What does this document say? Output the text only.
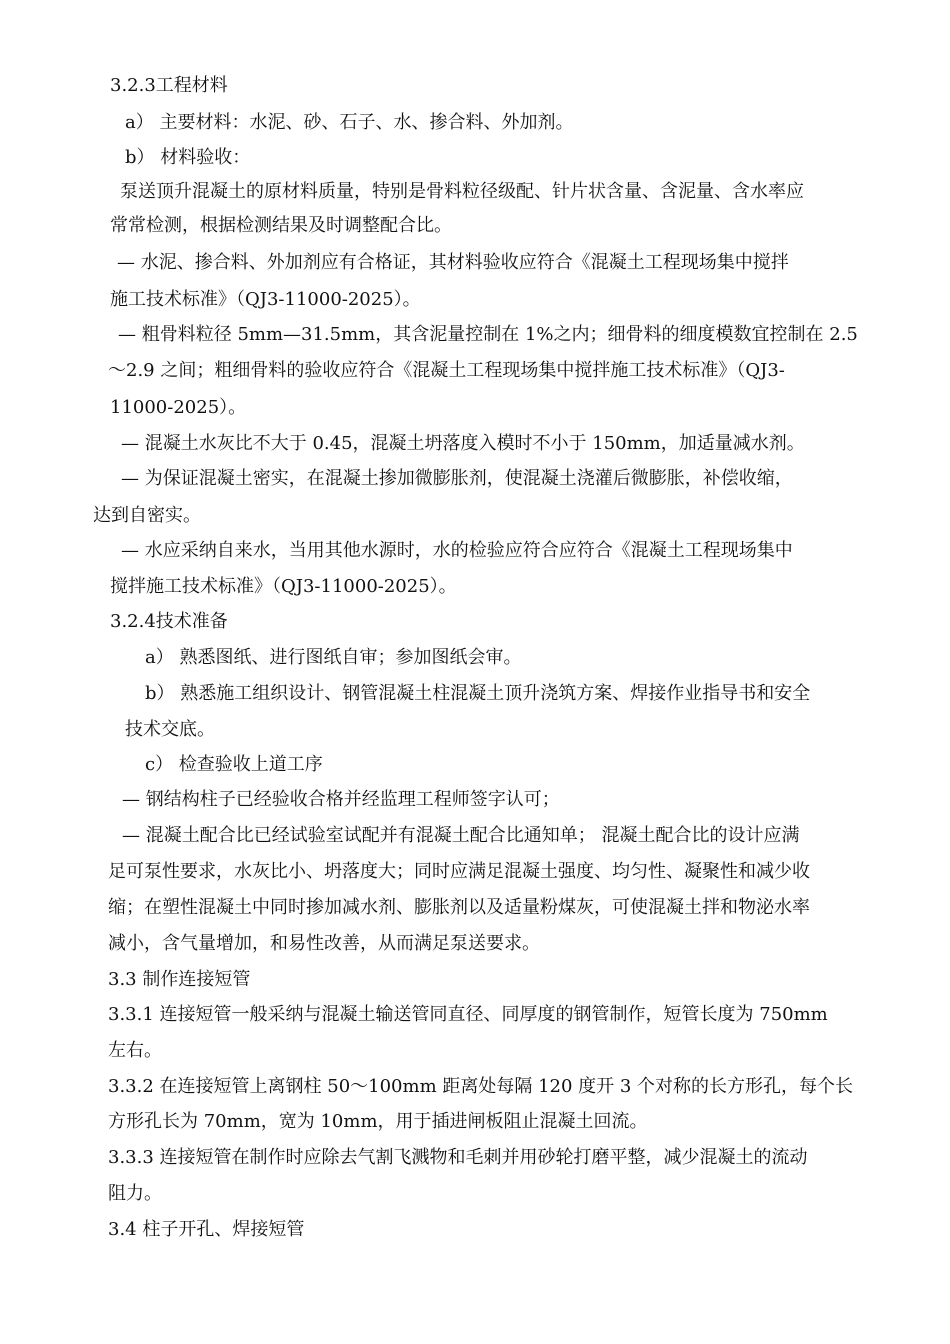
3.2.3工程材料
a） 主要材料：水泥、砂、石子、水、掺合料、外加剂。
b） 材料验收：
泵送顶升混凝土的原材料质量，特别是骨料粒径级配、针片状含量、含泥量、含水率应
常常检测，根据检测结果及时调整配合比。
— 水泥、掺合料、外加剂应有合格证，其材料验收应符合《混凝土工程现场集中搅拌
施工技术标准》（QJ3-11000-2025）。
— 粗骨料粒径 5mm—31.5mm，其含泥量控制在 1%之内；细骨料的细度模数宜控制在 2.5
～2.9 之间；粗细骨料的验收应符合《混凝土工程现场集中搅拌施工技术标准》（QJ3-
11000-2025）。
— 混凝土水灰比不大于 0.45，混凝土坍落度入模时不小于 150mm，加适量减水剂。
— 为保证混凝土密实，在混凝土掺加微膨胀剂，使混凝土浇灌后微膨胀，补偿收缩，
达到自密实。
— 水应采纳自来水，当用其他水源时，水的检验应符合应符合《混凝土工程现场集中
搅拌施工技术标准》（QJ3-11000-2025）。
3.2.4技术准备
a） 熟悉图纸、进行图纸自审；参加图纸会审。
b） 熟悉施工组织设计、钢管混凝土柱混凝土顶升浇筑方案、焊接作业指导书和安全
技术交底。
c） 检查验收上道工序
— 钢结构柱子已经验收合格并经监理工程师签字认可；
— 混凝土配合比已经试验室试配并有混凝土配合比通知单； 混凝土配合比的设计应满
足可泵性要求，水灰比小、坍落度大；同时应满足混凝土强度、均匀性、凝聚性和减少收
缩；在塑性混凝土中同时掺加减水剂、膨胀剂以及适量粉煤灰，可使混凝土拌和物泌水率
减小，含气量增加，和易性改善，从而满足泵送要求。
3.3 制作连接短管
3.3.1 连接短管一般采纳与混凝土输送管同直径、同厚度的钢管制作，短管长度为 750mm
左右。
3.3.2 在连接短管上离钢柱 50～100mm 距离处每隔 120 度开 3 个对称的长方形孔，每个长
方形孔长为 70mm，宽为 10mm，用于插进闸板阻止混凝土回流。
3.3.3 连接短管在制作时应除去气割飞溅物和毛刺并用砂轮打磨平整，减少混凝土的流动
阻力。
3.4 柱子开孔、焊接短管
